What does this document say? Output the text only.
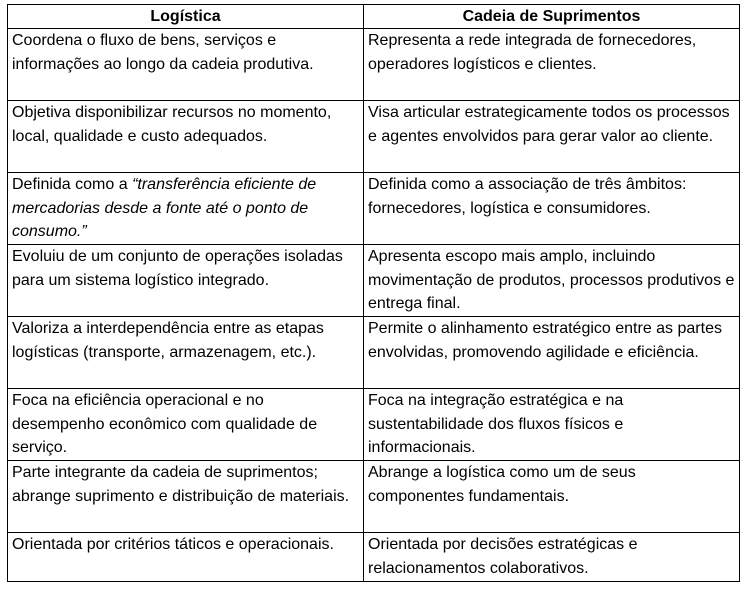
Logística	Cadeia de Suprimentos
Coordena o fluxo de bens, serviços e informações ao longo da cadeia produtiva.	Representa a rede integrada de fornecedores, operadores logísticos e clientes.
Objetiva disponibilizar recursos no momento, local, qualidade e custo adequados.	Visa articular estrategicamente todos os processos e agentes envolvidos para gerar valor ao cliente.
Definida como a “transferência eficiente de mercadorias desde a fonte até o ponto de consumo.”	Definida como a associação de três âmbitos: fornecedores, logística e consumidores.
Evoluiu de um conjunto de operações isoladas para um sistema logístico integrado.	Apresenta escopo mais amplo, incluindo movimentação de produtos, processos produtivos e entrega final.
Valoriza a interdependência entre as etapas logísticas (transporte, armazenagem, etc.).	Permite o alinhamento estratégico entre as partes envolvidas, promovendo agilidade e eficiência.
Foca na eficiência operacional e no desempenho econômico com qualidade de serviço.	Foca na integração estratégica e na sustentabilidade dos fluxos físicos e informacionais.
Parte integrante da cadeia de suprimentos; abrange suprimento e distribuição de materiais.	Abrange a logística como um de seus componentes fundamentais.
Orientada por critérios táticos e operacionais.	Orientada por decisões estratégicas e relacionamentos colaborativos.
